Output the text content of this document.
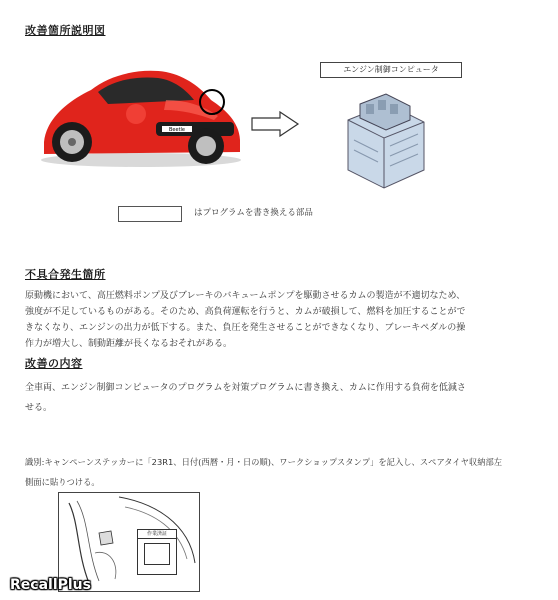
改善箇所説明図
Beetle
エンジン制御コンピュータ
はプログラムを書き換える部品
不具合発生箇所
原動機において、高圧燃料ポンプ及びブレーキのバキュームポンプを駆動させるカムの製造が不適切なため、
強度が不足しているものがある。そのため、高負荷運転を行うと、カムが破損して、燃料を加圧することがで
きなくなり、エンジンの出力が低下する。また、負圧を発生させることができなくなり、ブレーキペダルの操
作力が増大し、制動距離が長くなるおそれがある。
改善の内容
全車両、エンジン制御コンピュータのプログラムを対策プログラムに書き換え、カムに作用する負荷を低減さ
せる。
識別:キャンペーンステッカーに「23R1、日付(西暦・月・日の順)、ワークショップスタンプ」を記入し、スペアタイヤ収納部左
側面に貼りつける。
作業済証
RecallPlus
